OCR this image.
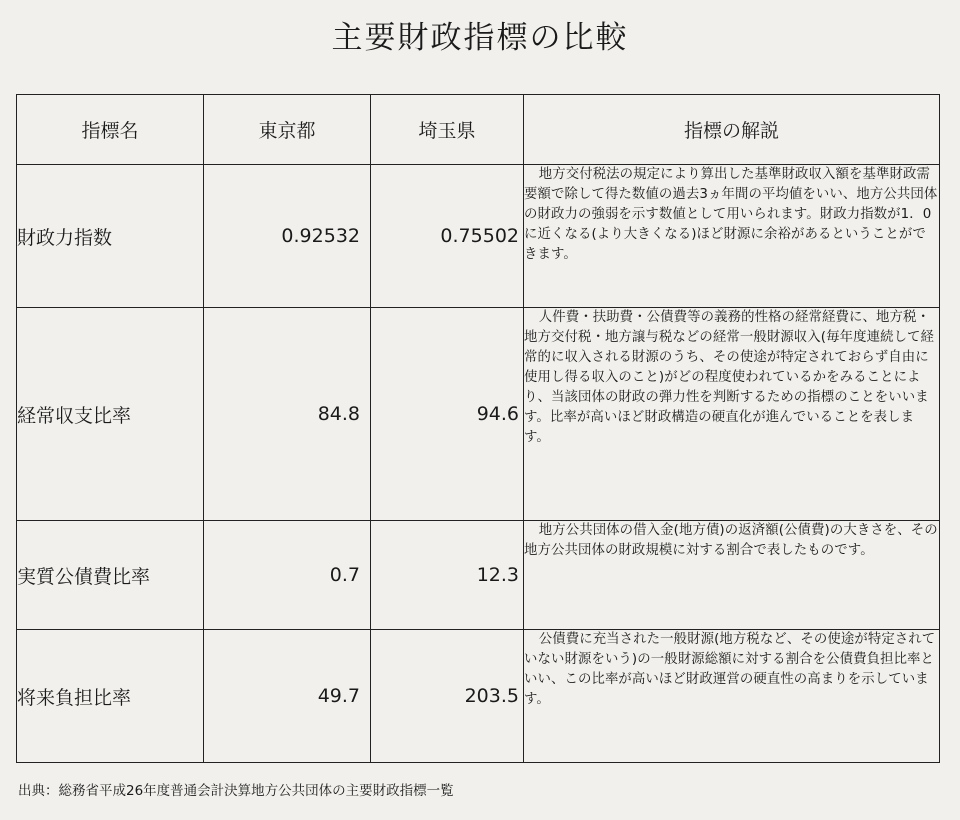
主要財政指標の比較
指標名	東京都	埼玉県	指標の解説
財政力指数	0.92532	0.75502	地方交付税法の規定により算出した基準財政収入額を基準財政需要額で除して得た数値の過去3ヵ年間の平均値をいい、地方公共団体の財政力の強弱を示す数値として用いられます。財政力指数が1．0に近くなる(より大きくなる)ほど財源に余裕があるということができます。

経常収支比率	84.8	94.6	人件費・扶助費・公債費等の義務的性格の経常経費に、地方税・地方交付税・地方譲与税などの経常一般財源収入(毎年度連続して経常的に収入される財源のうち、その使途が特定されておらず自由に使用し得る収入のこと)がどの程度使われているかをみることにより、当該団体の財政の弾力性を判断するための指標のことをいいます。比率が高いほど財政構造の硬直化が進んでいることを表します。

実質公債費比率	0.7	12.3	地方公共団体の借入金(地方債)の返済額(公債費)の大きさを、その地方公共団体の財政規模に対する割合で表したものです。

将来負担比率	49.7	203.5	公債費に充当された一般財源(地方税など、その使途が特定されていない財源をいう)の一般財源総額に対する割合を公債費負担比率といい、この比率が高いほど財政運営の硬直性の高まりを示しています。
出典：総務省平成26年度普通会計決算地方公共団体の主要財政指標一覧
